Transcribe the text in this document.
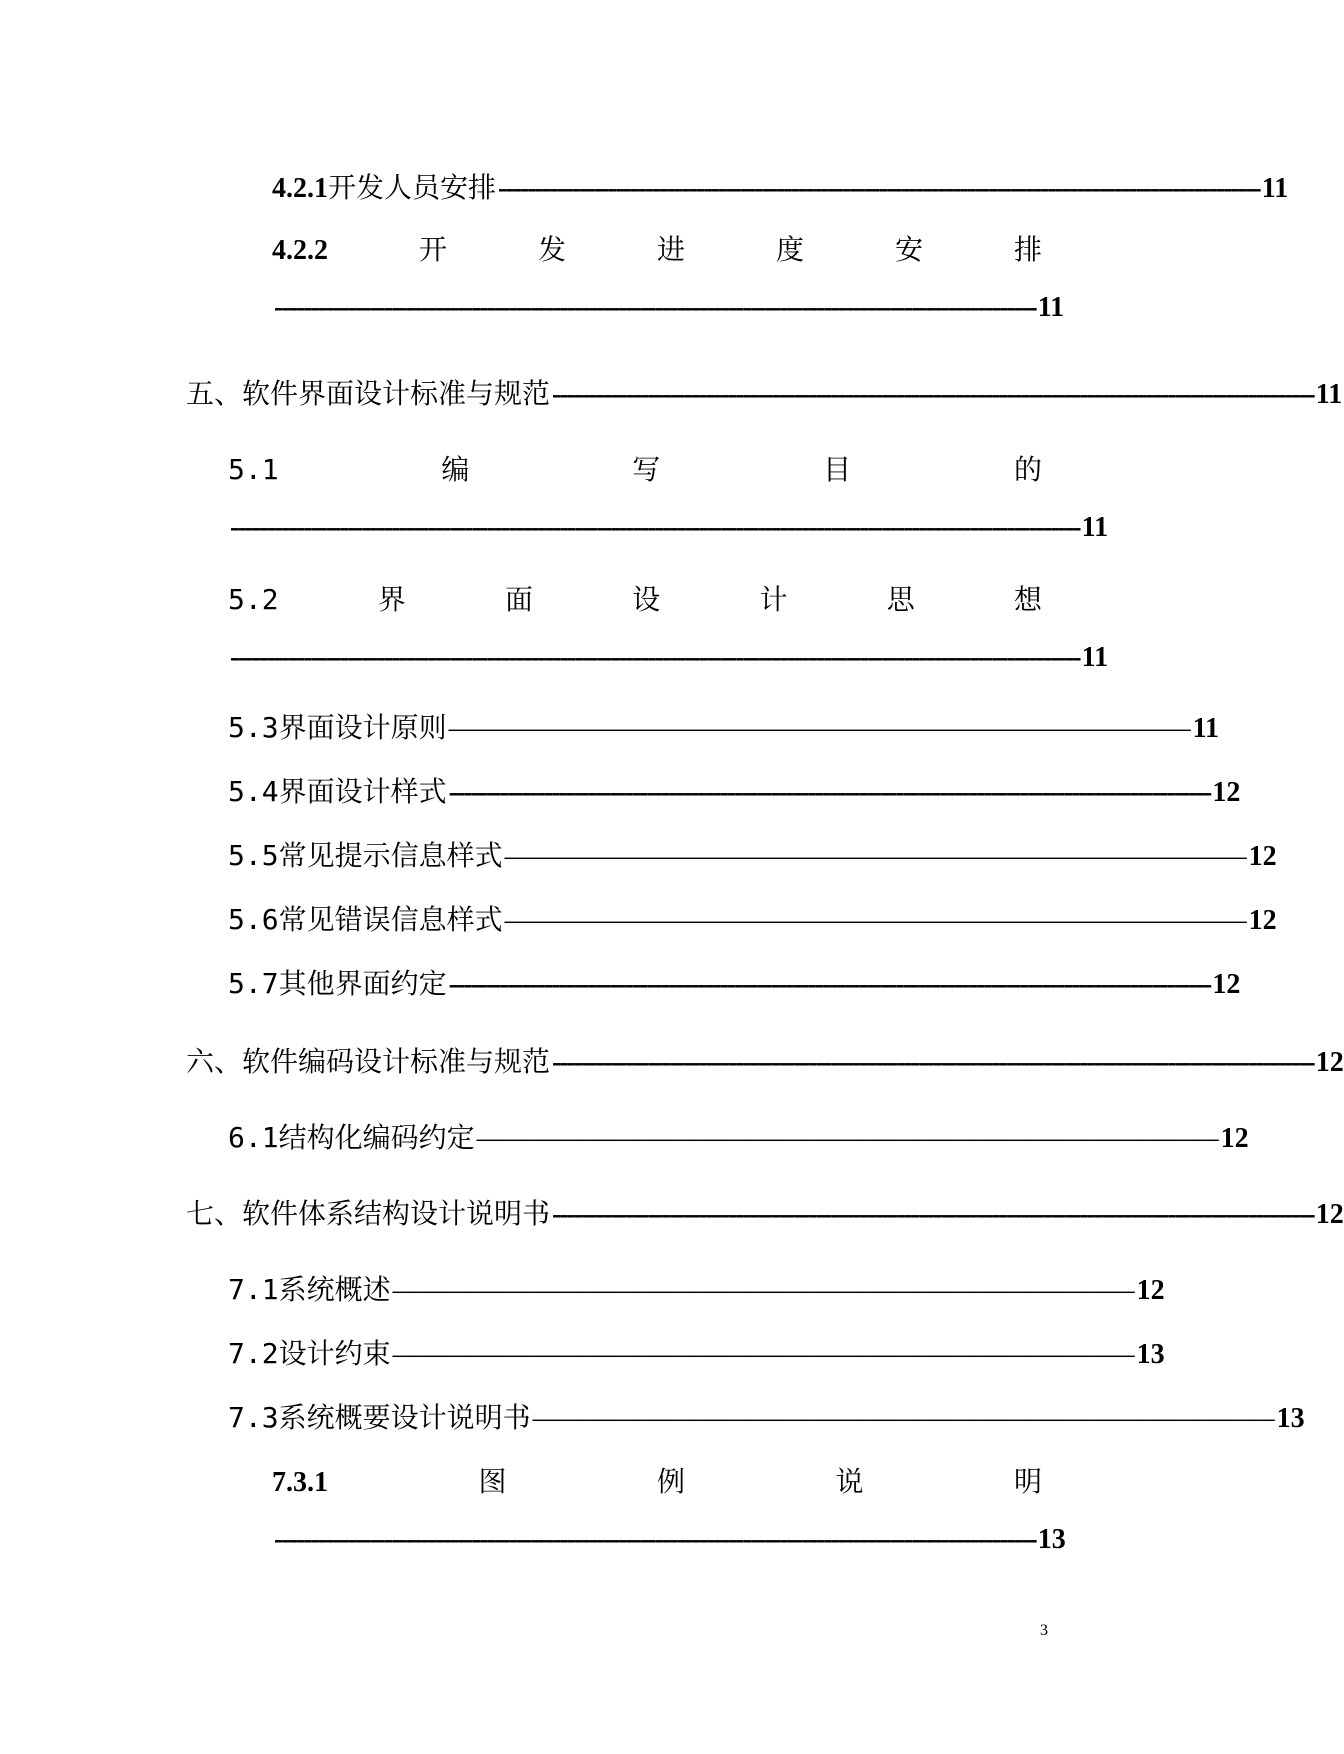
4.2.1 开发人员安排 -------------------------------------------------------------------------------------------------------- 11
4.2.2	开	发	进	度	安	排
-------------------------------------------------------------------------------------------------------- 11
五、软件界面设计标准与规范 -------------------------------------------------------------------------------------------------------- 11
5.1	编	写	目	的
-------------------------------------------------------------------------------------------------------------------- 11
5.2	界	面	设	计	思	想
-------------------------------------------------------------------------------------------------------------------- 11
5.3 界面设计原则 ––––––––––––––––––––––––––––––––––––––––––––––––––––– 11
5.4 界面设计样式 -------------------------------------------------------------------------------------------------------- 12
5.5 常见提示信息样式 ––––––––––––––––––––––––––––––––––––––––––––––––––––– 12
5.6 常见错误信息样式 ––––––––––––––––––––––––––––––––––––––––––––––––––––– 12
5.7 其他界面约定 -------------------------------------------------------------------------------------------------------- 12
六、软件编码设计标准与规范 -------------------------------------------------------------------------------------------------------- 12
6.1 结构化编码约定 ––––––––––––––––––––––––––––––––––––––––––––––––––––– 12
七、软件体系结构设计说明书 -------------------------------------------------------------------------------------------------------- 12
7.1 系统概述 ––––––––––––––––––––––––––––––––––––––––––––––––––––– 12
7.2 设计约束 ––––––––––––––––––––––––––––––––––––––––––––––––––––– 13
7.3 系统概要设计说明书 ––––––––––––––––––––––––––––––––––––––––––––––––––––– 13
7.3.1	图	例	说	明
-------------------------------------------------------------------------------------------------------- 13
3
